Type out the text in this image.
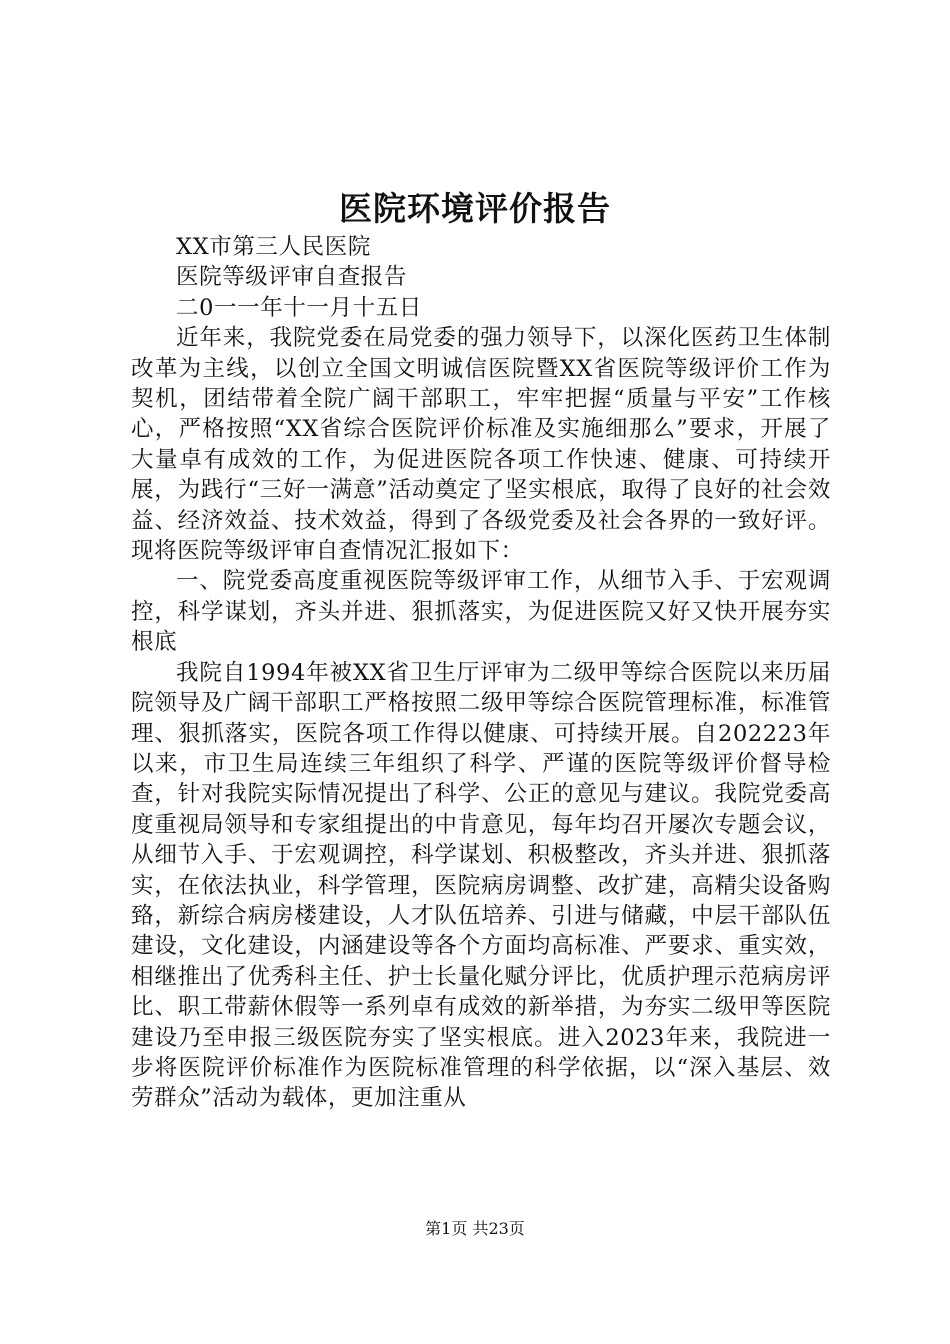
医院环境评价报告

XX市第三人民医院

医院等级评审自查报告

二0一一年十一月十五日

近年来，我院党委在局党委的强力领导下，以深化医药卫生体制改革为主线，以创立全国文明诚信医院暨XX省医院等级评价工作为契机，团结带着全院广阔干部职工，牢牢把握“质量与平安”工作核心，严格按照“XX省综合医院评价标准及实施细那么”要求，开展了大量卓有成效的工作，为促进医院各项工作快速、健康、可持续开展，为践行“三好一满意”活动奠定了坚实根底，取得了良好的社会效益、经济效益、技术效益，得到了各级党委及社会各界的一致好评。现将医院等级评审自查情况汇报如下：

一、院党委高度重视医院等级评审工作，从细节入手、于宏观调控，科学谋划，齐头并进、狠抓落实，为促进医院又好又快开展夯实根底

我院自1994年被XX省卫生厅评审为二级甲等综合医院以来历届院领导及广阔干部职工严格按照二级甲等综合医院管理标准，标准管理、狠抓落实，医院各项工作得以健康、可持续开展。自202223年以来，市卫生局连续三年组织了科学、严谨的医院等级评价督导检查，针对我院实际情况提出了科学、公正的意见与建议。我院党委高度重视局领导和专家组提出的中肯意见，每年均召开屡次专题会议，从细节入手、于宏观调控，科学谋划、积极整改，齐头并进、狠抓落实，在依法执业，科学管理，医院病房调整、改扩建，高精尖设备购臵，新综合病房楼建设，人才队伍培养、引进与储藏，中层干部队伍建设，文化建设，内涵建设等各个方面均高标准、严要求、重实效，相继推出了优秀科主任、护士长量化赋分评比，优质护理示范病房评比、职工带薪休假等一系列卓有成效的新举措，为夯实二级甲等医院建设乃至申报三级医院夯实了坚实根底。进入2023年来，我院进一步将医院评价标准作为医院标准管理的科学依据，以“深入基层、效劳群众”活动为载体，更加注重从

第1页 共23页
